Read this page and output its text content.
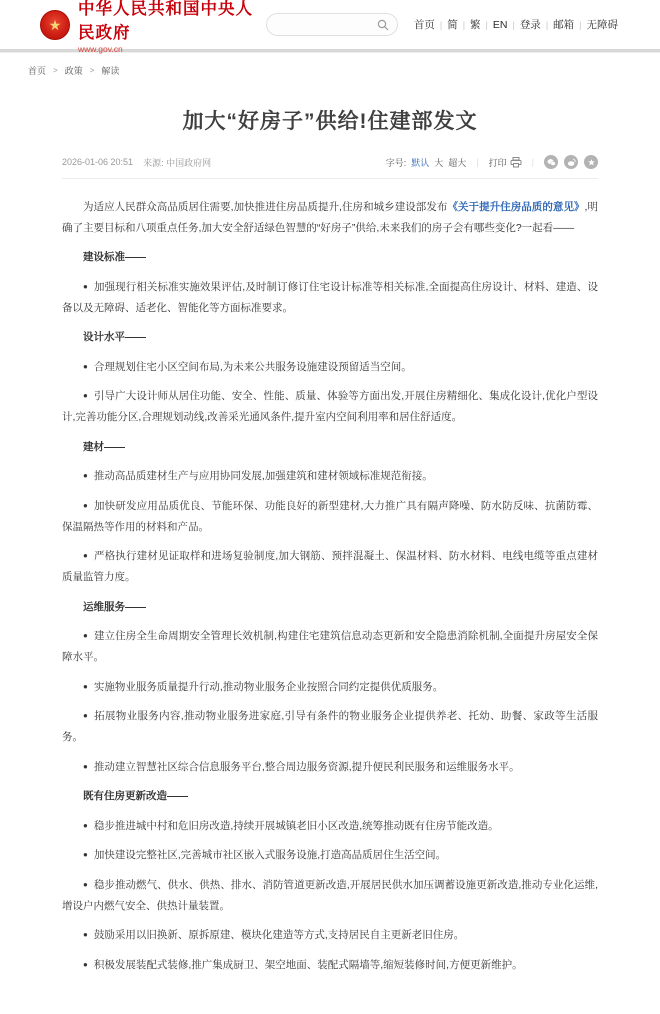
★
中华人民共和国中央人民政府
www.gov.cn
首页 | 简 | 繁 | EN | 登录 | 邮箱 | 无障碍
首页 > 政策 > 解读
加大“好房子”供给!住建部发文
2026-01-06 20:51 来源: 中国政府网	字号: 默认 大 超大 | 打印	|

为适应人民群众高品质居住需要,加快推进住房品质提升,住房和城乡建设部发布《关于提升住房品质的意见》,明确了主要目标和八项重点任务,加大安全舒适绿色智慧的“好房子”供给,未来我们的房子会有哪些变化?一起看——

建设标准——

● 加强现行相关标准实施效果评估,及时制订修订住宅设计标准等相关标准,全面提高住房设计、材料、建造、设备以及无障碍、适老化、智能化等方面标准要求。

设计水平——

● 合理规划住宅小区空间布局,为未来公共服务设施建设预留适当空间。

● 引导广大设计师从居住功能、安全、性能、质量、体验等方面出发,开展住房精细化、集成化设计,优化户型设计,完善功能分区,合理规划动线,改善采光通风条件,提升室内空间利用率和居住舒适度。

建材——

● 推动高品质建材生产与应用协同发展,加强建筑和建材领域标准规范衔接。

● 加快研发应用品质优良、节能环保、功能良好的新型建材,大力推广具有隔声降噪、防水防反味、抗菌防霉、保温隔热等作用的材料和产品。

● 严格执行建材见证取样和进场复验制度,加大钢筋、预拌混凝土、保温材料、防水材料、电线电缆等重点建材质量监管力度。

运维服务——

● 建立住房全生命周期安全管理长效机制,构建住宅建筑信息动态更新和安全隐患消除机制,全面提升房屋安全保障水平。

● 实施物业服务质量提升行动,推动物业服务企业按照合同约定提供优质服务。

● 拓展物业服务内容,推动物业服务进家庭,引导有条件的物业服务企业提供养老、托幼、助餐、家政等生活服务。

● 推动建立智慧社区综合信息服务平台,整合周边服务资源,提升便民利民服务和运维服务水平。

既有住房更新改造——

● 稳步推进城中村和危旧房改造,持续开展城镇老旧小区改造,统筹推动既有住房节能改造。

● 加快建设完整社区,完善城市社区嵌入式服务设施,打造高品质居住生活空间。

● 稳步推动燃气、供水、供热、排水、消防管道更新改造,开展居民供水加压调蓄设施更新改造,推动专业化运维,增设户内燃气安全、供热计量装置。

● 鼓励采用以旧换新、原拆原建、模块化建造等方式,支持居民自主更新老旧住房。

● 积极发展装配式装修,推广集成厨卫、架空地面、装配式隔墙等,缩短装修时间,方便更新维护。
